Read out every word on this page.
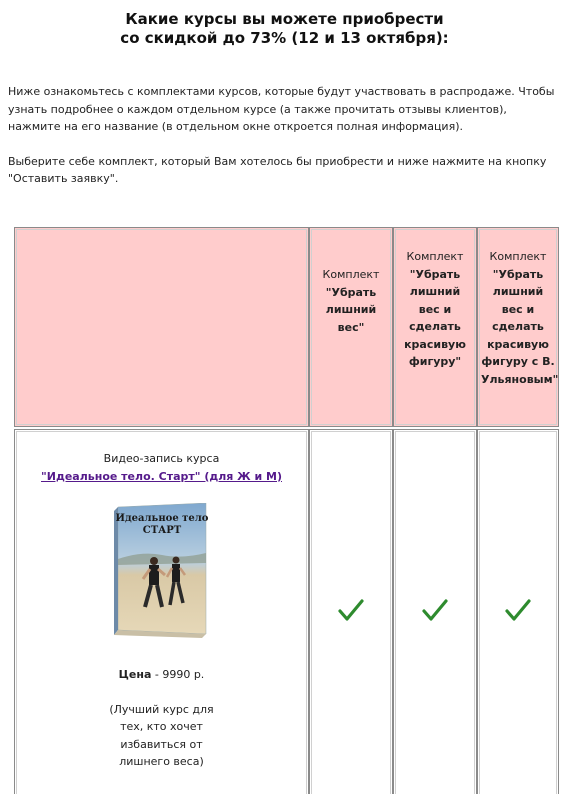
Какие курсы вы можете приобрести
со скидкой до 73% (12 и 13 октября):

Ниже ознакомьтесь с комплектами курсов, которые будут участвовать в распродаже. Чтобы узнать подробнее о каждом отдельном курсе (а также прочитать отзывы клиентов), нажмите на его название (в отдельном окне откроется полная информация).

Выберите себе комплект, который Вам хотелось бы приобрести и ниже нажмите на кнопку "Оставить заявку".

Комплект
"Убрать лишний вес"
Комплект
"Убрать лишний вес и сделать красивую фигуру"
Комплект
"Убрать лишний вес и сделать красивую фигуру с В. Ульяновым"
Видео-запись курса
"Идеальное тело. Старт" (для Ж и М)
Идеальное тело
СТАРТ
Цена - 9990 р.
(Лучший курс для тех, кто хочет избавиться от лишнего веса)
